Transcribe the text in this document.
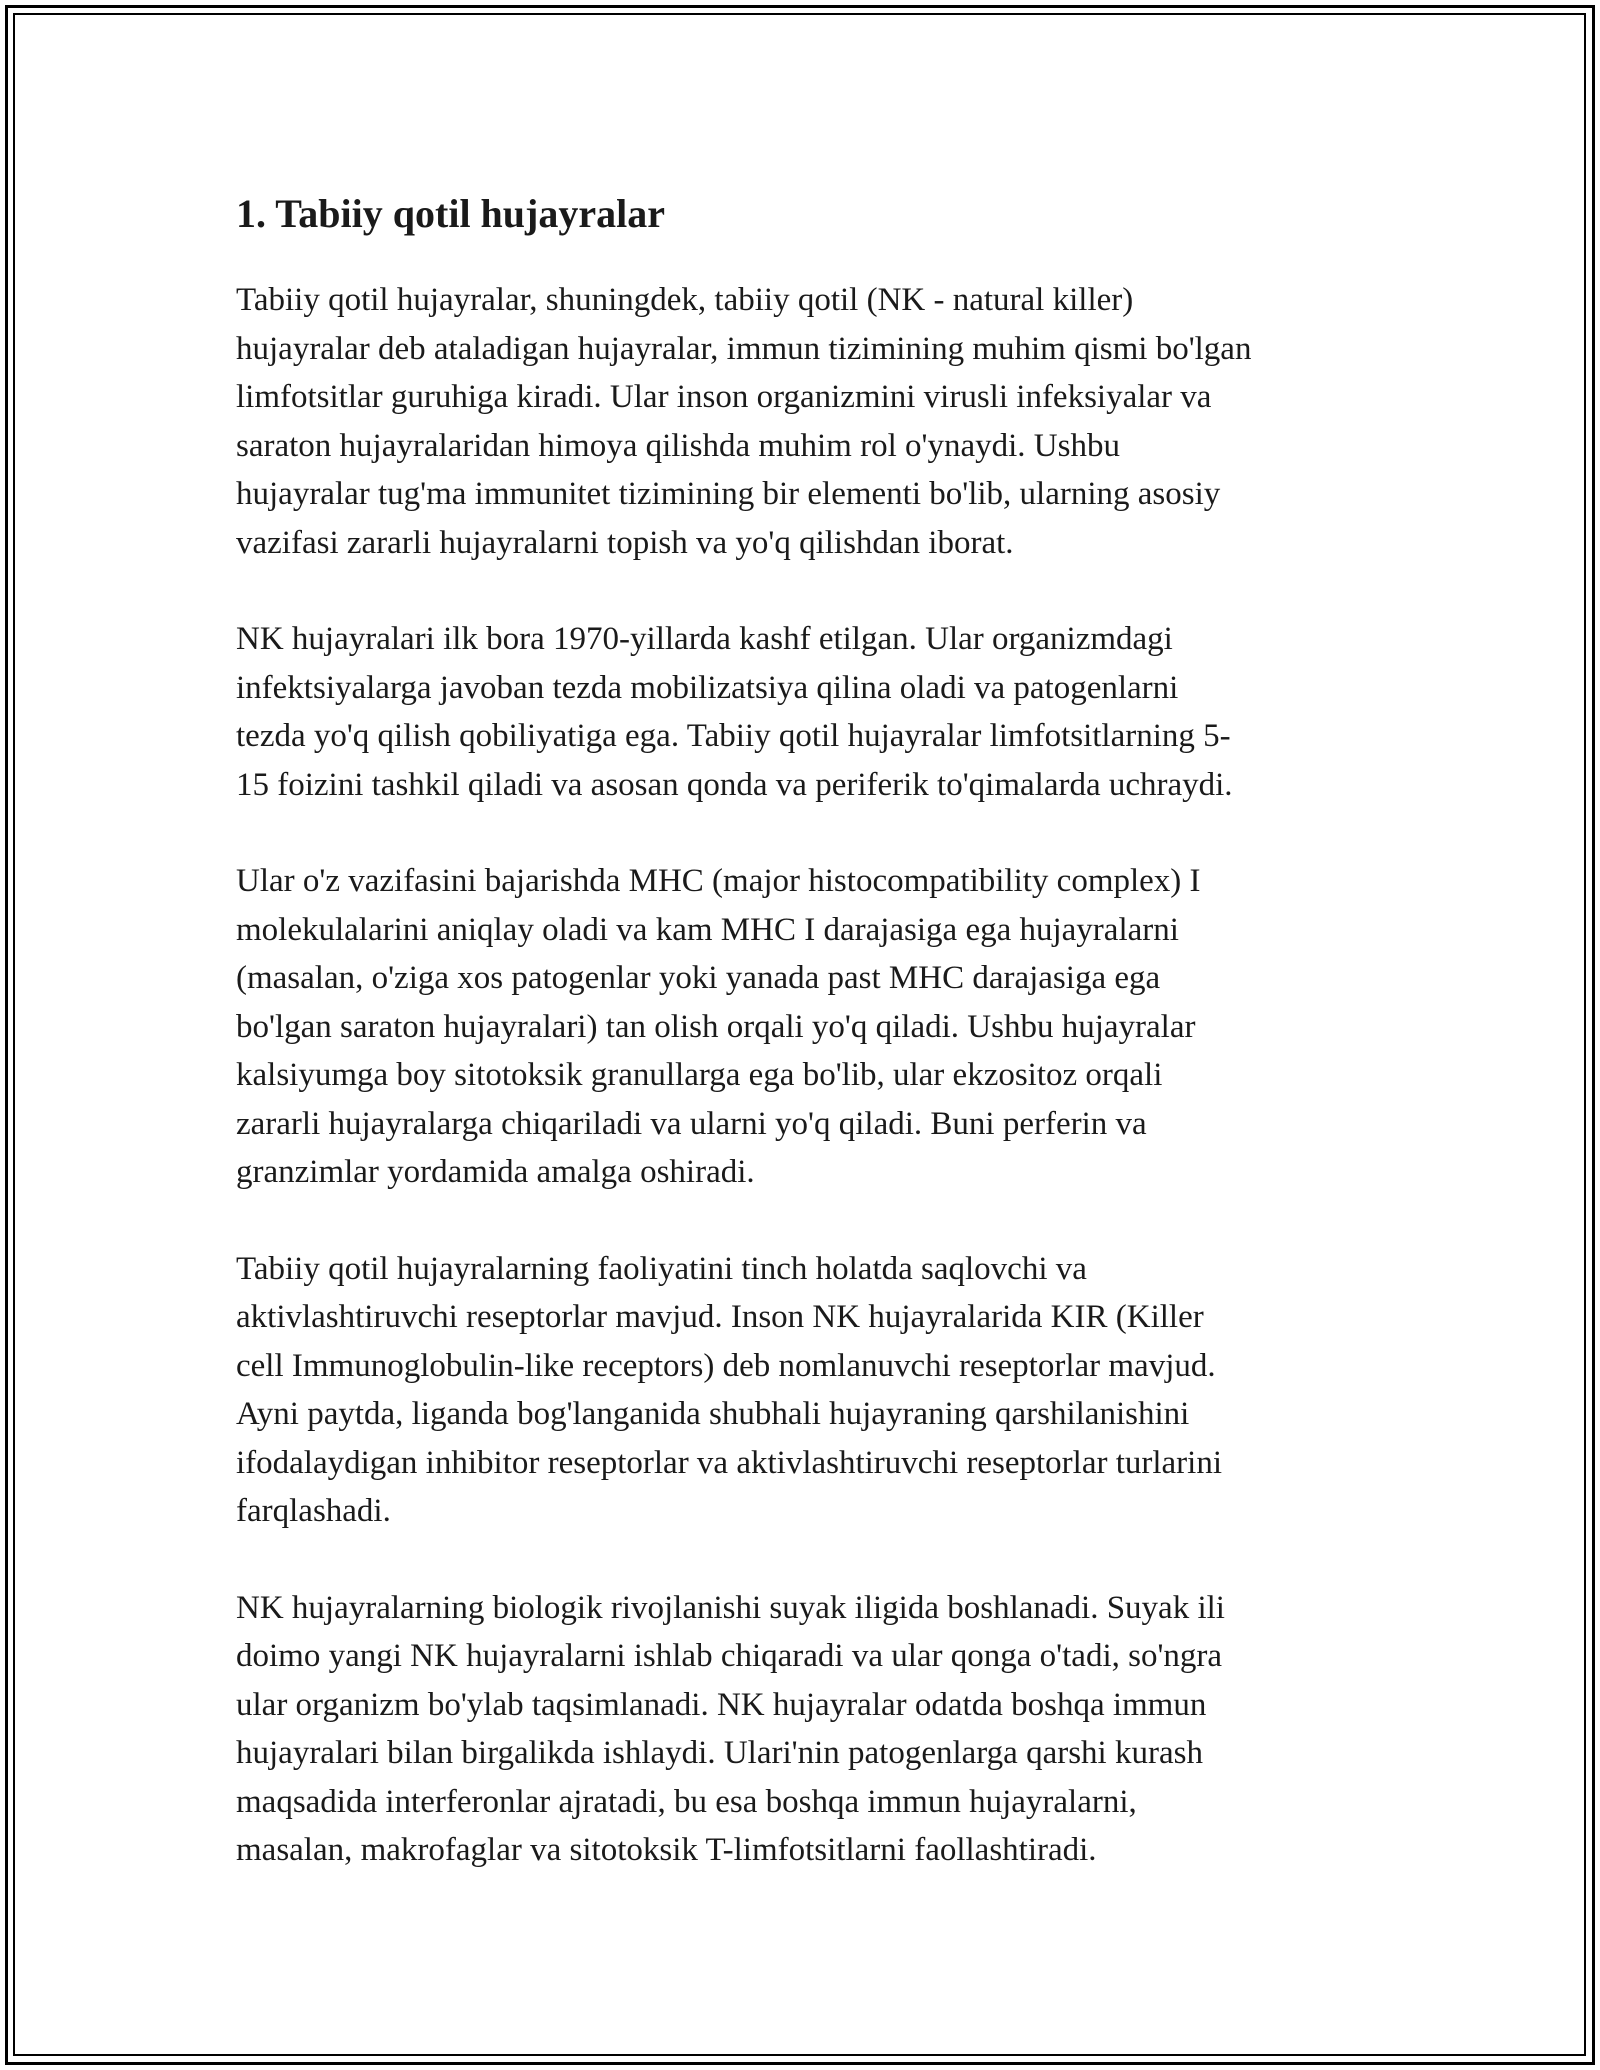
1. Tabiiy qotil hujayralar

Tabiiy qotil hujayralar, shuningdek, tabiiy qotil (NK - natural killer)
hujayralar deb ataladigan hujayralar, immun tizimining muhim qismi bo'lgan
limfotsitlar guruhiga kiradi. Ular inson organizmini virusli infeksiyalar va
saraton hujayralaridan himoya qilishda muhim rol o'ynaydi. Ushbu
hujayralar tug'ma immunitet tizimining bir elementi bo'lib, ularning asosiy
vazifasi zararli hujayralarni topish va yo'q qilishdan iborat.

NK hujayralari ilk bora 1970-yillarda kashf etilgan. Ular organizmdagi
infektsiyalarga javoban tezda mobilizatsiya qilina oladi va patogenlarni
tezda yo'q qilish qobiliyatiga ega. Tabiiy qotil hujayralar limfotsitlarning 5-
15 foizini tashkil qiladi va asosan qonda va periferik to'qimalarda uchraydi.

Ular o'z vazifasini bajarishda MHC (major histocompatibility complex) I
molekulalarini aniqlay oladi va kam MHC I darajasiga ega hujayralarni
(masalan, o'ziga xos patogenlar yoki yanada past MHC darajasiga ega
bo'lgan saraton hujayralari) tan olish orqali yo'q qiladi. Ushbu hujayralar
kalsiyumga boy sitotoksik granullarga ega bo'lib, ular ekzositoz orqali
zararli hujayralarga chiqariladi va ularni yo'q qiladi. Buni perferin va
granzimlar yordamida amalga oshiradi.

Tabiiy qotil hujayralarning faoliyatini tinch holatda saqlovchi va
aktivlashtiruvchi reseptorlar mavjud. Inson NK hujayralarida KIR (Killer
cell Immunoglobulin-like receptors) deb nomlanuvchi reseptorlar mavjud.
Ayni paytda, liganda bog'langanida shubhali hujayraning qarshilanishini
ifodalaydigan inhibitor reseptorlar va aktivlashtiruvchi reseptorlar turlarini
farqlashadi.

NK hujayralarning biologik rivojlanishi suyak iligida boshlanadi. Suyak ili
doimo yangi NK hujayralarni ishlab chiqaradi va ular qonga o'tadi, so'ngra
ular organizm bo'ylab taqsimlanadi. NK hujayralar odatda boshqa immun
hujayralari bilan birgalikda ishlaydi. Ulari'nin patogenlarga qarshi kurash
maqsadida interferonlar ajratadi, bu esa boshqa immun hujayralarni,
masalan, makrofaglar va sitotoksik T-limfotsitlarni faollashtiradi.
